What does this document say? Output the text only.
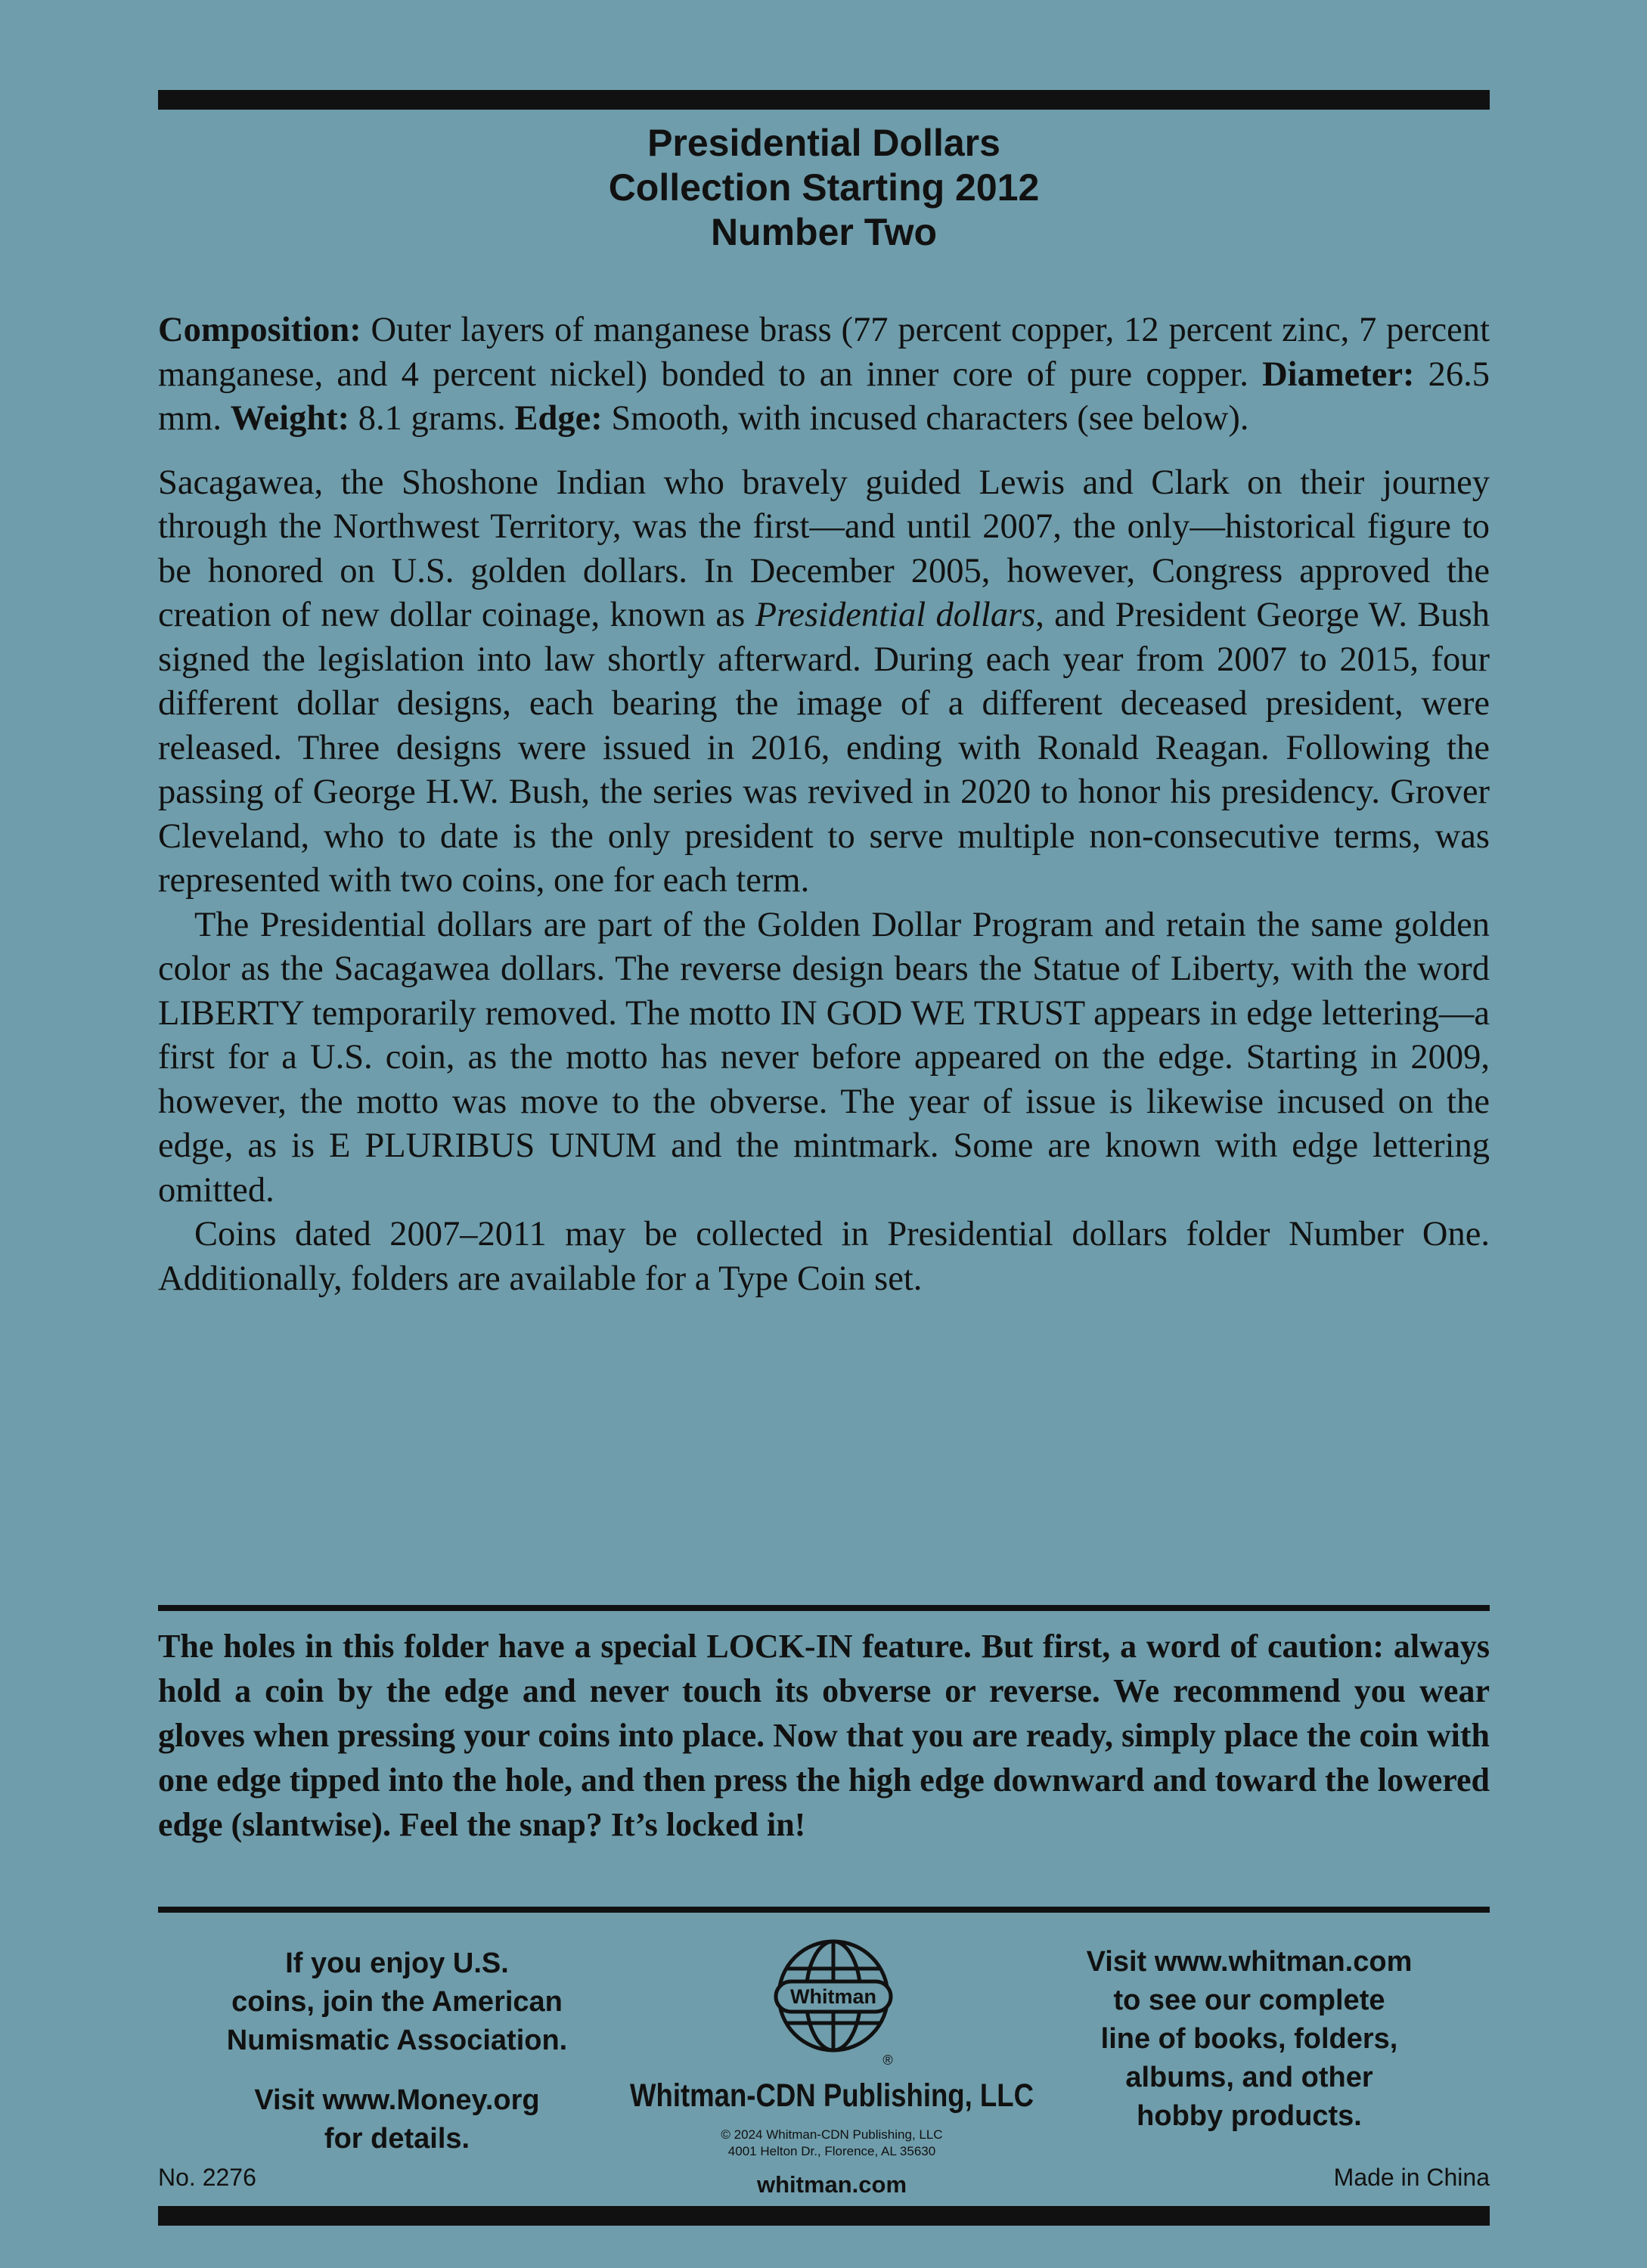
Presidential Dollars
Collection Starting 2012
Number Two

Composition: Outer layers of manganese brass (77 percent copper, 12 percent zinc, 7 percent manganese, and 4 percent nickel) bonded to an inner core of pure copper. Diameter: 26.5 mm. Weight: 8.1 grams. Edge: Smooth, with incused characters (see below).

Sacagawea, the Shoshone Indian who bravely guided Lewis and Clark on their journey through the Northwest Territory, was the first—and until 2007, the only—historical figure to be honored on U.S. golden dollars. In December 2005, however, Congress approved the creation of new dollar coinage, known as Presidential dollars, and President George W. Bush signed the legislation into law shortly afterward. During each year from 2007 to 2015, four different dollar designs, each bearing the image of a different deceased president, were released. Three designs were issued in 2016, ending with Ronald Reagan. Following the passing of George H.W. Bush, the series was revived in 2020 to honor his presidency. Grover Cleveland, who to date is the only president to serve multiple non-consecutive terms, was represented with two coins, one for each term.

The Presidential dollars are part of the Golden Dollar Program and retain the same golden color as the Sacagawea dollars. The reverse design bears the Statue of Liberty, with the word LIBERTY temporarily removed. The motto IN GOD WE TRUST appears in edge lettering—a first for a U.S. coin, as the motto has never before appeared on the edge. Starting in 2009, however, the motto was move to the obverse. The year of issue is likewise incused on the edge, as is E PLURIBUS UNUM and the mintmark. Some are known with edge lettering omitted.

Coins dated 2007–2011 may be collected in Presidential dollars folder Number One. Additionally, folders are available for a Type Coin set.

The holes in this folder have a special LOCK-IN feature. But first, a word of caution: always hold a coin by the edge and never touch its obverse or reverse. We recommend you wear gloves when pressing your coins into place. Now that you are ready, simply place the coin with one edge tipped into the hole, and then press the high edge downward and toward the lowered edge (slantwise). Feel the snap? It’s locked in!

If you enjoy U.S.

coins, join the American

Numismatic Association.

Visit www.Money.org

for details.

Whitman
®
Whitman-CDN Publishing, LLC
© 2024 Whitman-CDN Publishing, LLC
4001 Helton Dr., Florence, AL 35630
whitman.com

Visit www.whitman.com

to see our complete

line of books, folders,

albums, and other

hobby products.

No. 2276	Made in China
